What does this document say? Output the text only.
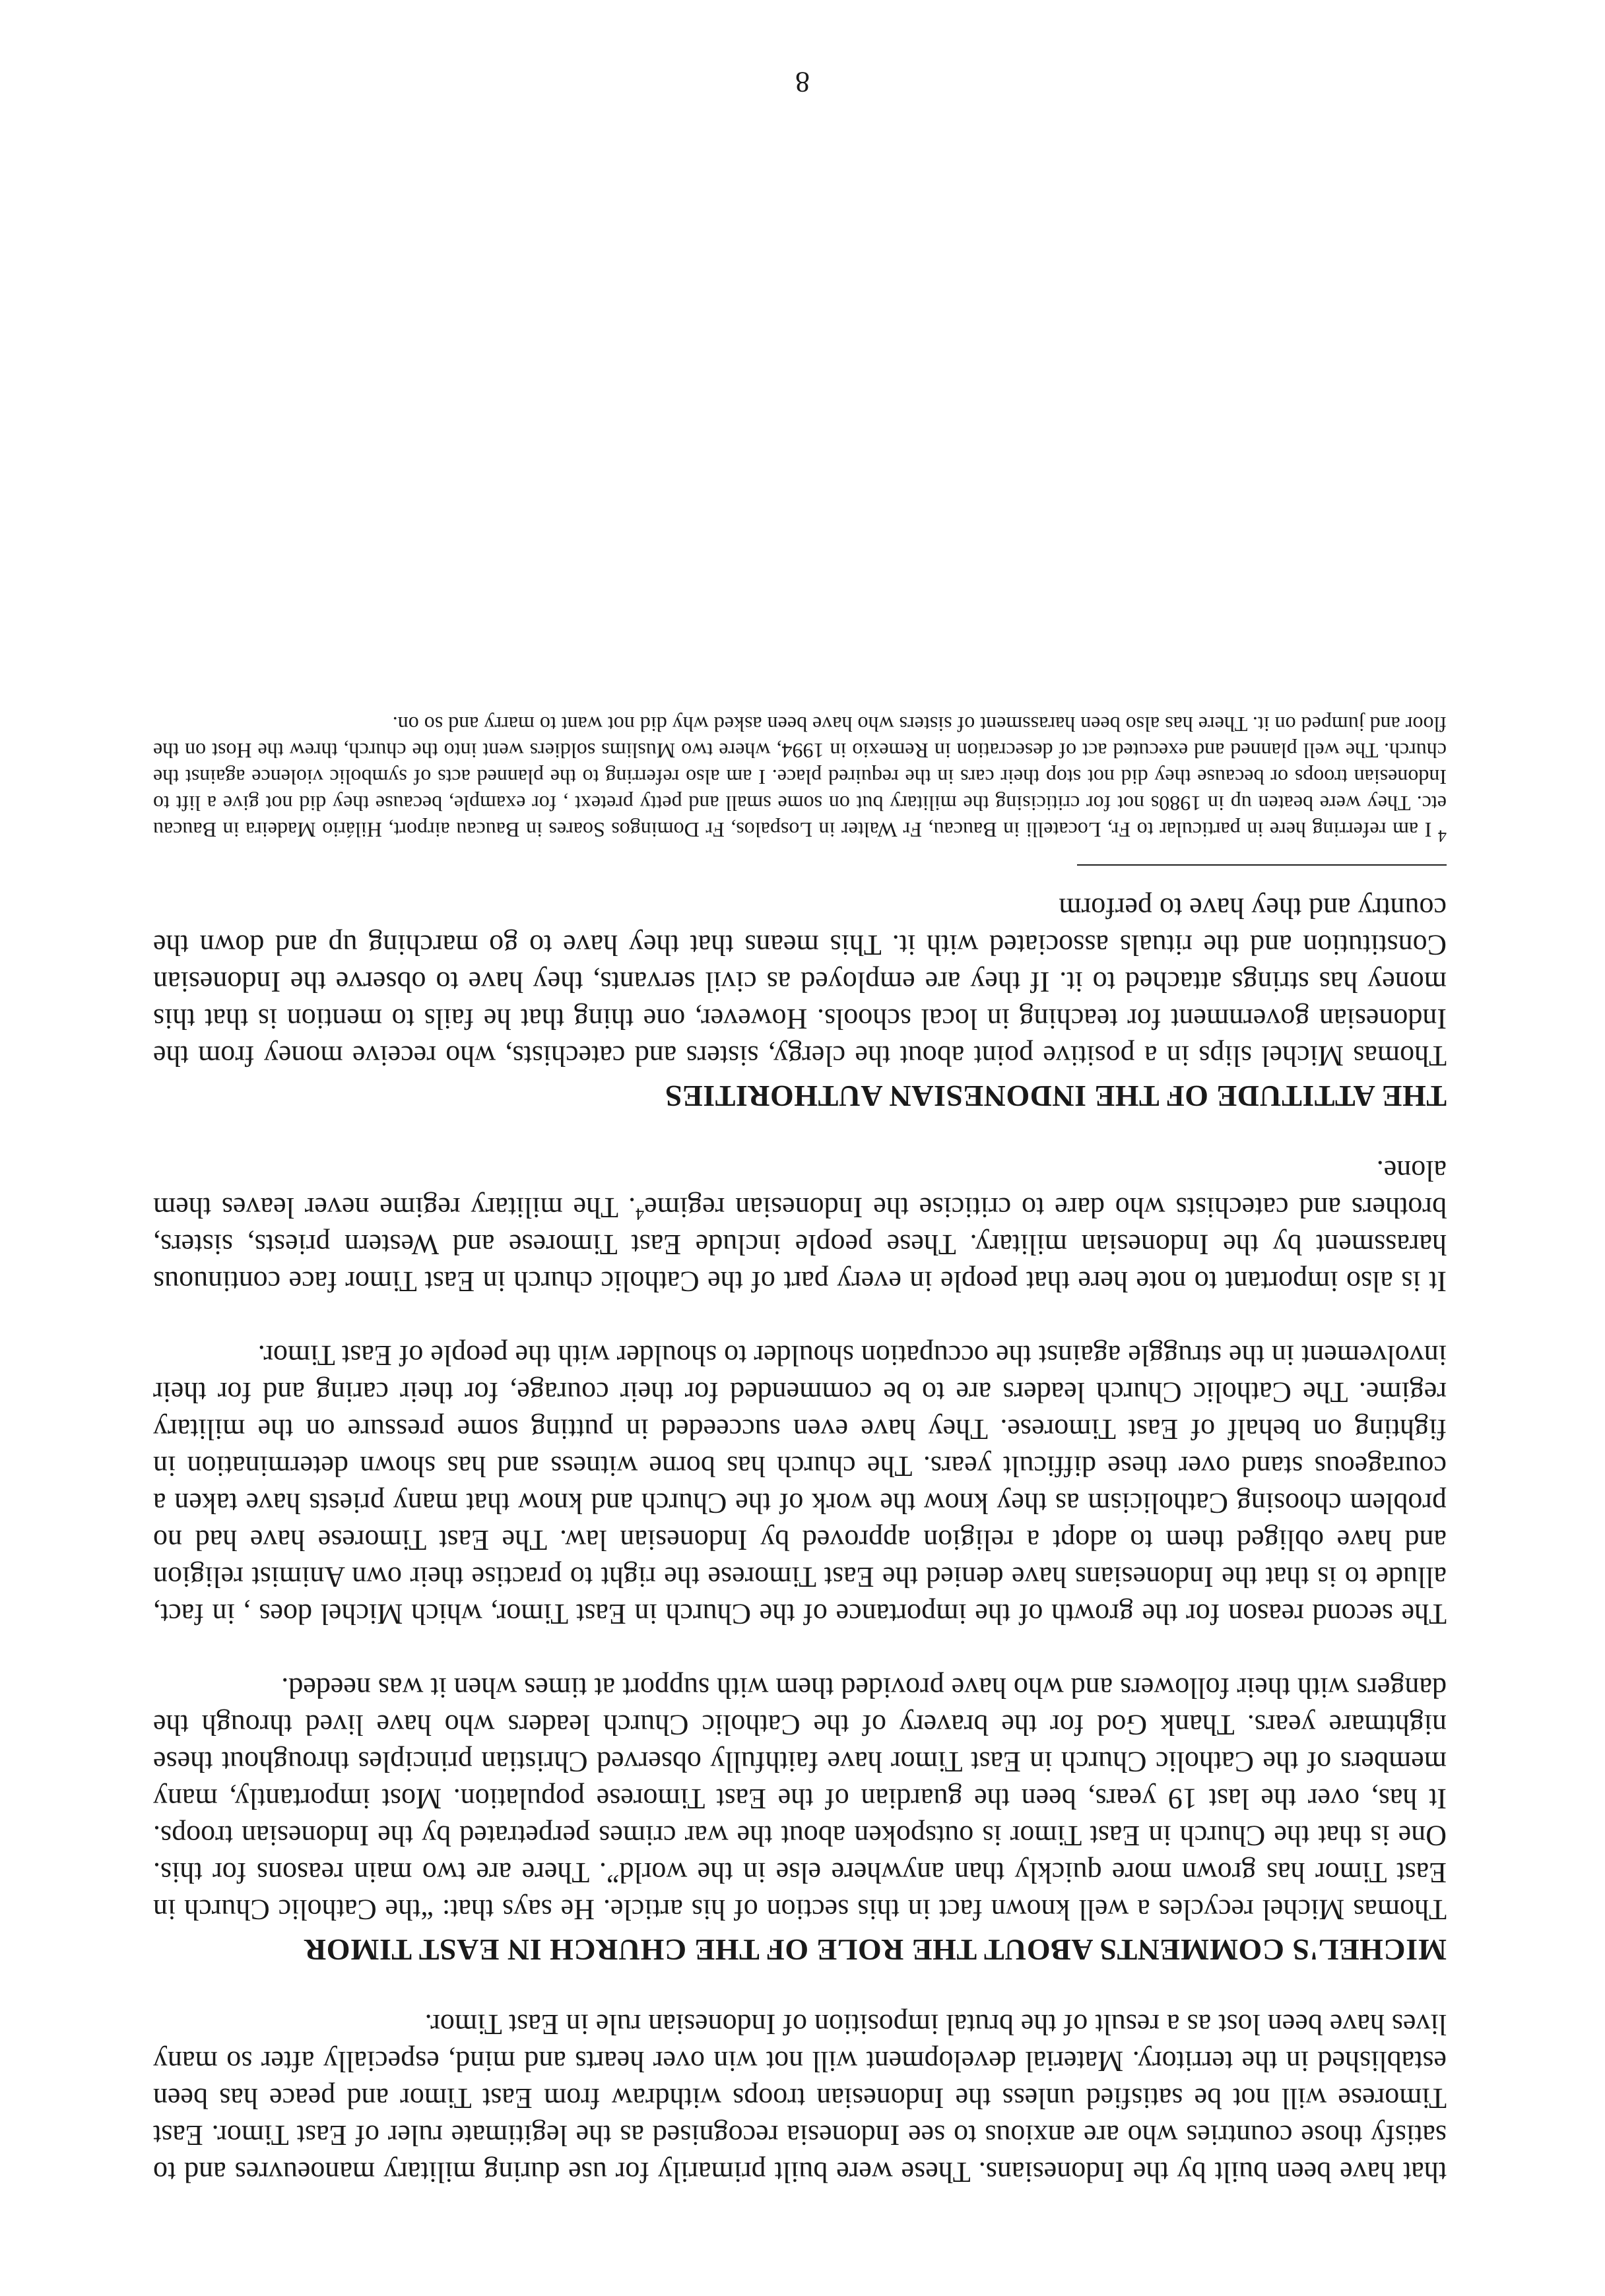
that have been built by the Indonesians. These were built primarily for use during military manoeuvres and to satisfy those countries who are anxious to see Indonesia recognised as the legitimate ruler of East Timor. East Timorese will not be satisfied unless the Indonesian troops withdraw from East Timor and peace has been established in the territory. Material development will not win over hearts and mind, especially after so many lives have been lost as a result of the brutal imposition of Indonesian rule in East Timor.

MICHEL'S COMMENTS ABOUT THE ROLE OF THE CHURCH IN EAST TIMOR

Thomas Michel recycles a well known fact in this section of his article. He says that: “the Catholic Church in East Timor has grown more quickly than anywhere else in the world”. There are two main reasons for this. One is that the Church in East Timor is outspoken about the war crimes perpetrated by the Indonesian troops. It has, over the last 19 years, been the guardian of the East Timorese population. Most importantly, many members of the Catholic Church in East Timor have faithfully observed Christian principles throughout these nightmare years. Thank God for the bravery of the Catholic Church leaders who have lived through the dangers with their followers and who have provided them with support at times when it was needed.

The second reason for the growth of the importance of the Church in East Timor, which Michel does , in fact, allude to is that the Indonesians have denied the East Timorese the right to practise their own Animist religion and have obliged them to adopt a religion approved by Indonesian law. The East Timorese have had no problem choosing Catholicism as they know the work of the Church and know that many priests have taken a courageous stand over these difficult years. The church has borne witness and has shown determination in fighting on behalf of East Timorese. They have even succeeded in putting some pressure on the military regime. The Catholic Church leaders are to be commended for their courage, for their caring and for their involvement in the struggle against the occupation shoulder to shoulder with the people of East Timor.

It is also important to note here that people in every part of the Catholic church in East Timor face continuous harassment by the Indonesian military. These people include East Timorese and Western priests, sisters, brothers and catechists who dare to criticise the Indonesian regime$^4$. The military regime never leaves them alone.

THE ATTITUDE OF THE INDONESIAN AUTHORITIES

Thomas Michel slips in a positive point about the clergy, sisters and catechists, who receive money from the Indonesian government for teaching in local schools. However, one thing that he fails to mention is that this money has strings attached to it. If they are employed as civil servants, they have to observe the Indonesian Constitution and the rituals associated with it. This means that they have to go marching up and down the country and they have to perform

$^4$ I am referring here in particular to Fr, Locatelli in Baucau, Fr Walter in Lospalos, Fr Domingos Soares in Baucau airport, Hilário Madeira in Baucau etc. They were beaten up in 1980s not for criticising the military but on some small and petty pretext , for example, because they did not give a lift to Indonesian troops or because they did not stop their cars in the required place. I am also referring to the planned acts of symbolic violence against the church. The well planned and executed act of desecration in Remexio in 1994, where two Muslims soldiers went into the church, threw the Host on the floor and jumped on it. There has also been harassment of sisters who have been asked why did not want to marry and so on.

8
